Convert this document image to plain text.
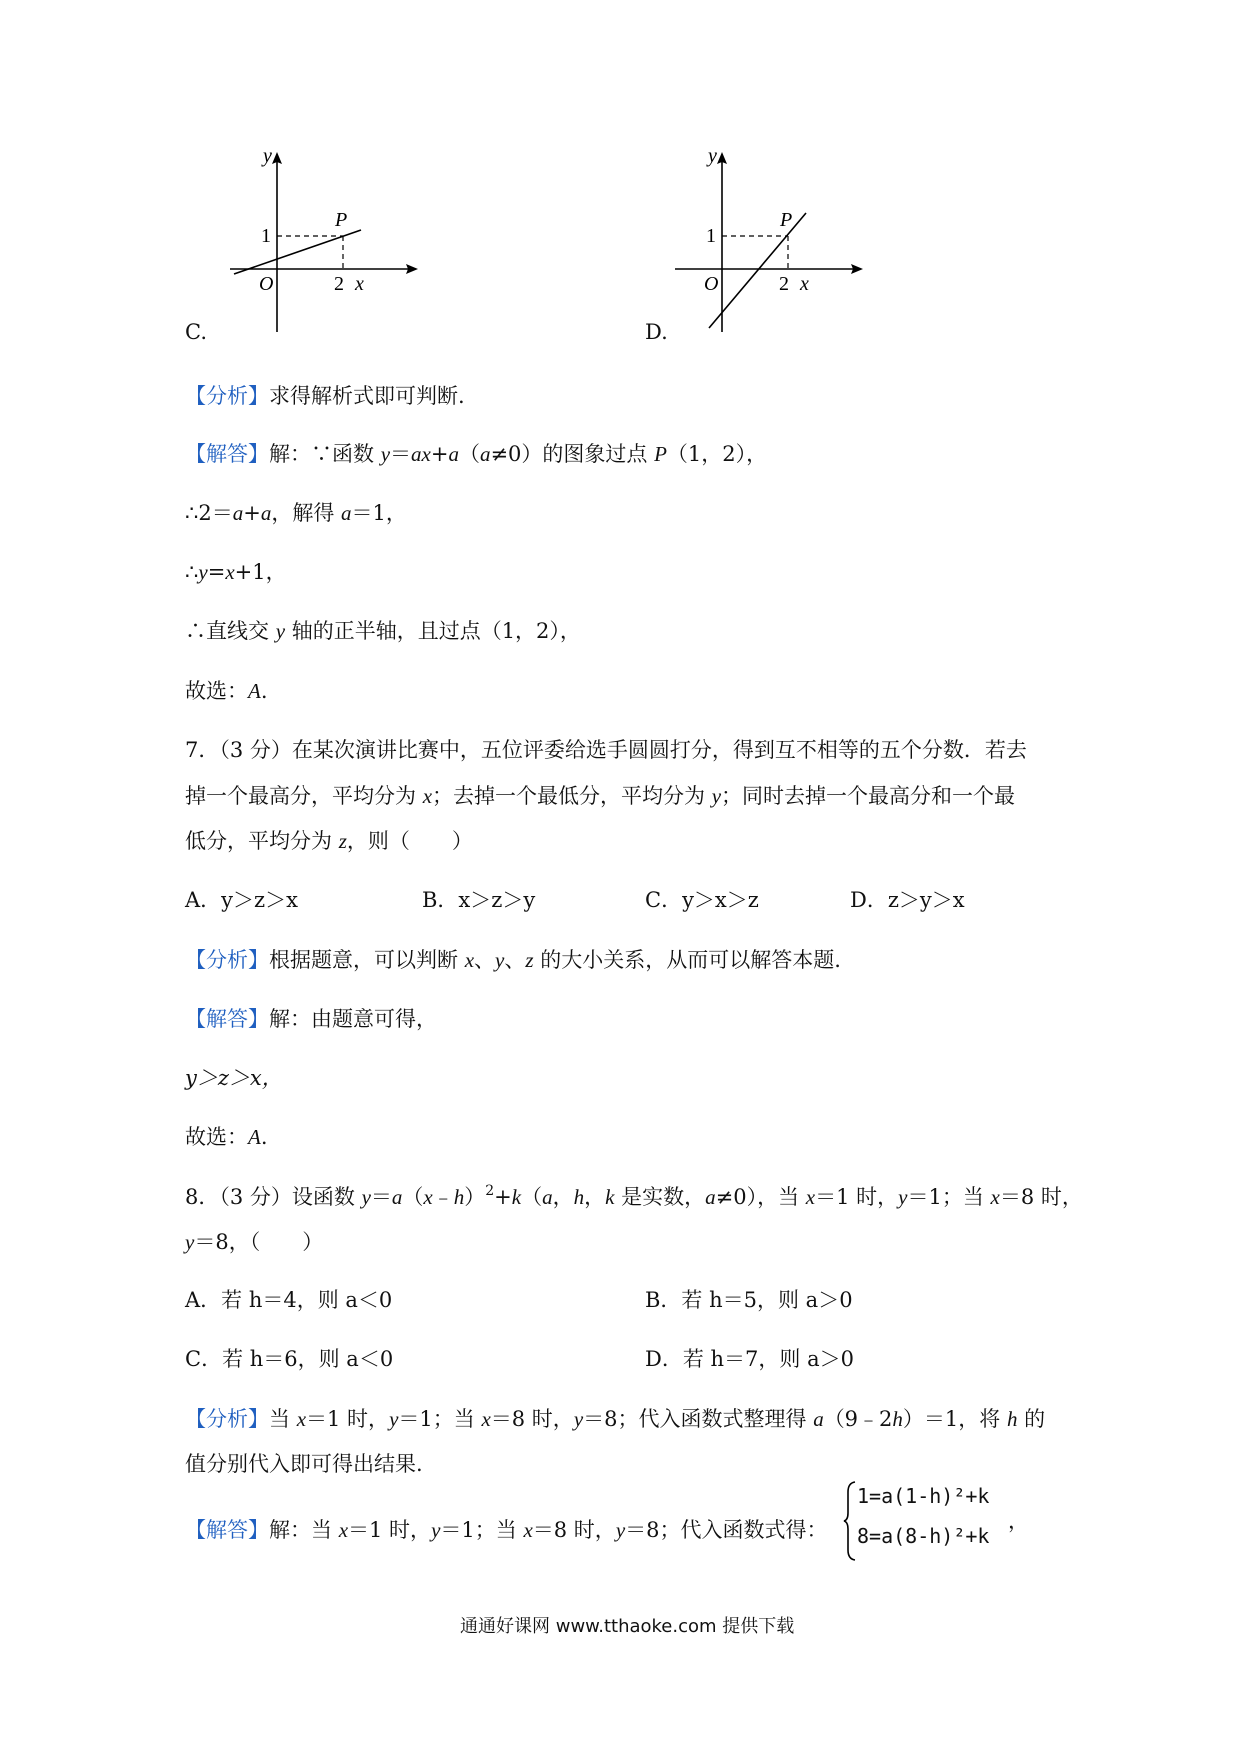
y
1
P
O	2 x
C.
y
1
P
O	2 x
D.
【分析】求得解析式即可判断.
【解答】解：∵函数 y＝ax+a（a≠0）的图象过点 P（1，2），
∴2＝a+a，解得 a＝1，
∴y=x+1，
∴直线交 y 轴的正半轴，且过点（1，2），
故选：A.
7．（3 分）在某次演讲比赛中，五位评委给选手圆圆打分，得到互不相等的五个分数．若去
掉一个最高分，平均分为 x；去掉一个最低分，平均分为 y；同时去掉一个最高分和一个最
低分，平均分为 z，则（　　）
A．y＞z＞x	B．x＞z＞y	C．y＞x＞z	D．z＞y＞x
【分析】根据题意，可以判断 x、y、z 的大小关系，从而可以解答本题.
【解答】解：由题意可得，
y＞z＞x，
故选：A.
8．（3 分）设函数 y＝a（x﹣h）$^2$+k（a，h，k 是实数，a≠0），当 x＝1 时，y＝1；当 x＝8 时，
y＝8，（　　）
A．若 h＝4，则 a＜0	B．若 h＝5，则 a＞0
C．若 h＝6，则 a＜0	D．若 h＝7，则 a＞0
【分析】当 x＝1 时，y＝1；当 x＝8 时，y＝8；代入函数式整理得 a（9﹣2h）＝1，将 h 的
值分别代入即可得出结果.
【解答】解：当 x＝1 时，y＝1；当 x＝8 时，y＝8；代入函数式得：
1=a(1-h)²+k
8=a(8-h)²+k
，
通通好课网 www.tthaoke.com 提供下载
